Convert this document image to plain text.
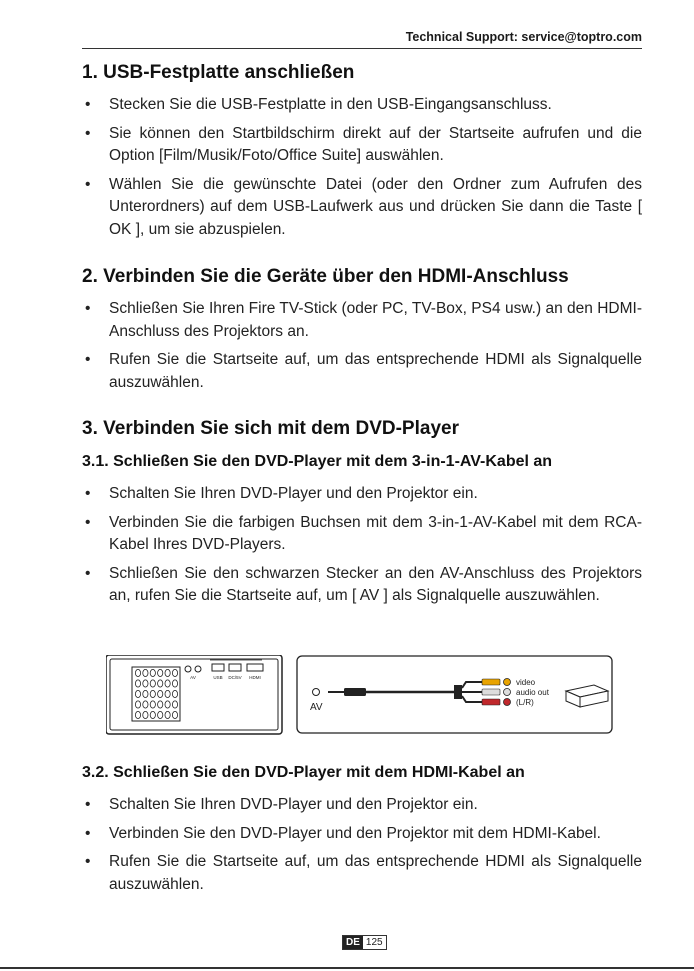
Technical Support: service@toptro.com
1. USB-Festplatte anschließen
• Stecken Sie die USB-Festplatte in den USB-Eingangsanschluss.
• Sie können den Startbildschirm direkt auf der Startseite aufrufen und die Option [Film/Musik/Foto/Office Suite] auswählen.
• Wählen Sie die gewünschte Datei (oder den Ordner zum Aufrufen des Unterordners) auf dem USB-Laufwerk aus und drücken Sie dann die Taste [ OK ], um sie abzuspielen.
2. Verbinden Sie die Geräte über den HDMI-Anschluss
• Schließen Sie Ihren Fire TV-Stick (oder PC, TV-Box, PS4 usw.) an den HDMI-Anschluss des Projektors an.
• Rufen Sie die Startseite auf, um das entsprechende HDMI als Signalquelle auszuwählen.
3. Verbinden Sie sich mit dem DVD-Player
3.1. Schließen Sie den DVD-Player mit dem 3-in-1-AV-Kabel an
• Schalten Sie Ihren DVD-Player und den Projektor ein.
• Verbinden Sie die farbigen Buchsen mit dem 3-in-1-AV-Kabel mit dem RCA-Kabel Ihres DVD-Players.
• Schließen Sie den schwarzen Stecker an den AV-Anschluss des Projektors an, rufen Sie die Startseite auf, um [ AV ] als Signalquelle auszuwählen.
AV	USB DC/5V HDMI
AV
video
audio out
(L/R)
3.2. Schließen Sie den DVD-Player mit dem HDMI-Kabel an
• Schalten Sie Ihren DVD-Player und den Projektor ein.
• Verbinden Sie den DVD-Player und den Projektor mit dem HDMI-Kabel.
• Rufen Sie die Startseite auf, um das entsprechende HDMI als Signalquelle auszuwählen.
DE 125
